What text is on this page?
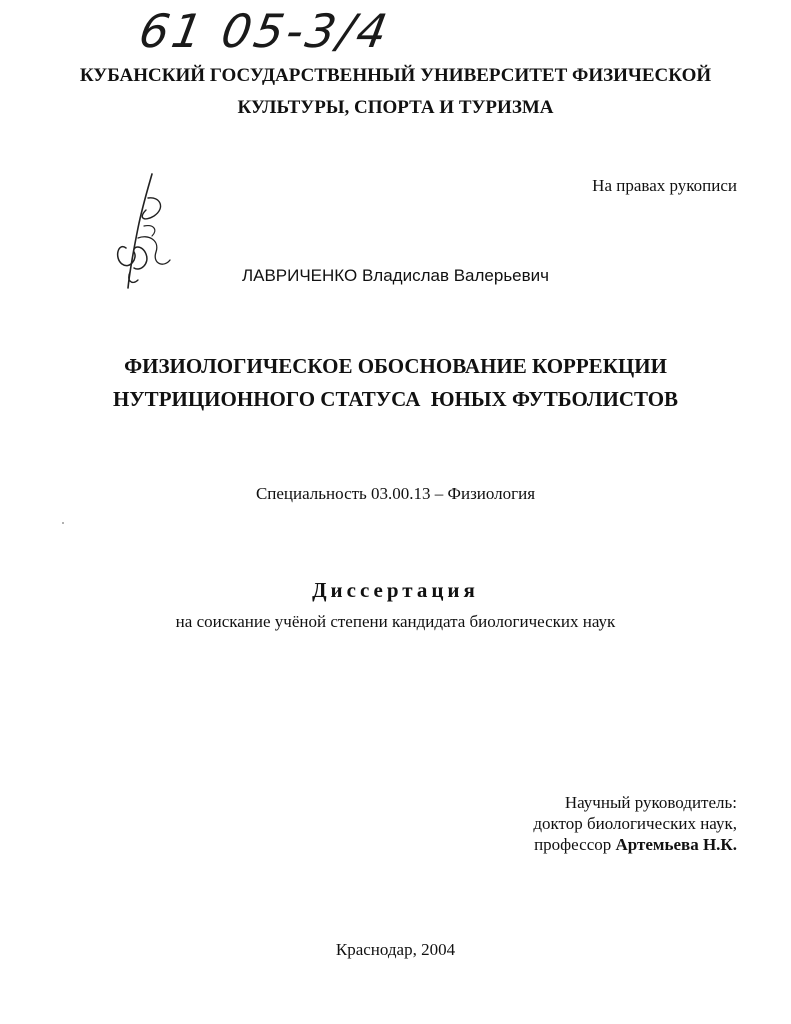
61 05-3/4
КУБАНСКИЙ ГОСУДАРСТВЕННЫЙ УНИВЕРСИТЕТ ФИЗИЧЕСКОЙ
КУЛЬТУРЫ, СПОРТА И ТУРИЗМА
На правах рукописи
ЛАВРИЧЕНКО Владислав Валерьевич
ФИЗИОЛОГИЧЕСКОЕ ОБОСНОВАНИЕ КОРРЕКЦИИ
НУТРИЦИОННОГО СТАТУСА  ЮНЫХ ФУТБОЛИСТОВ
Специальность 03.00.13 – Физиология
Диссертация
на соискание учёной степени кандидата биологических наук
Научный руководитель:
доктор биологических наук,
профессор Артемьева Н.К.
Краснодар, 2004
